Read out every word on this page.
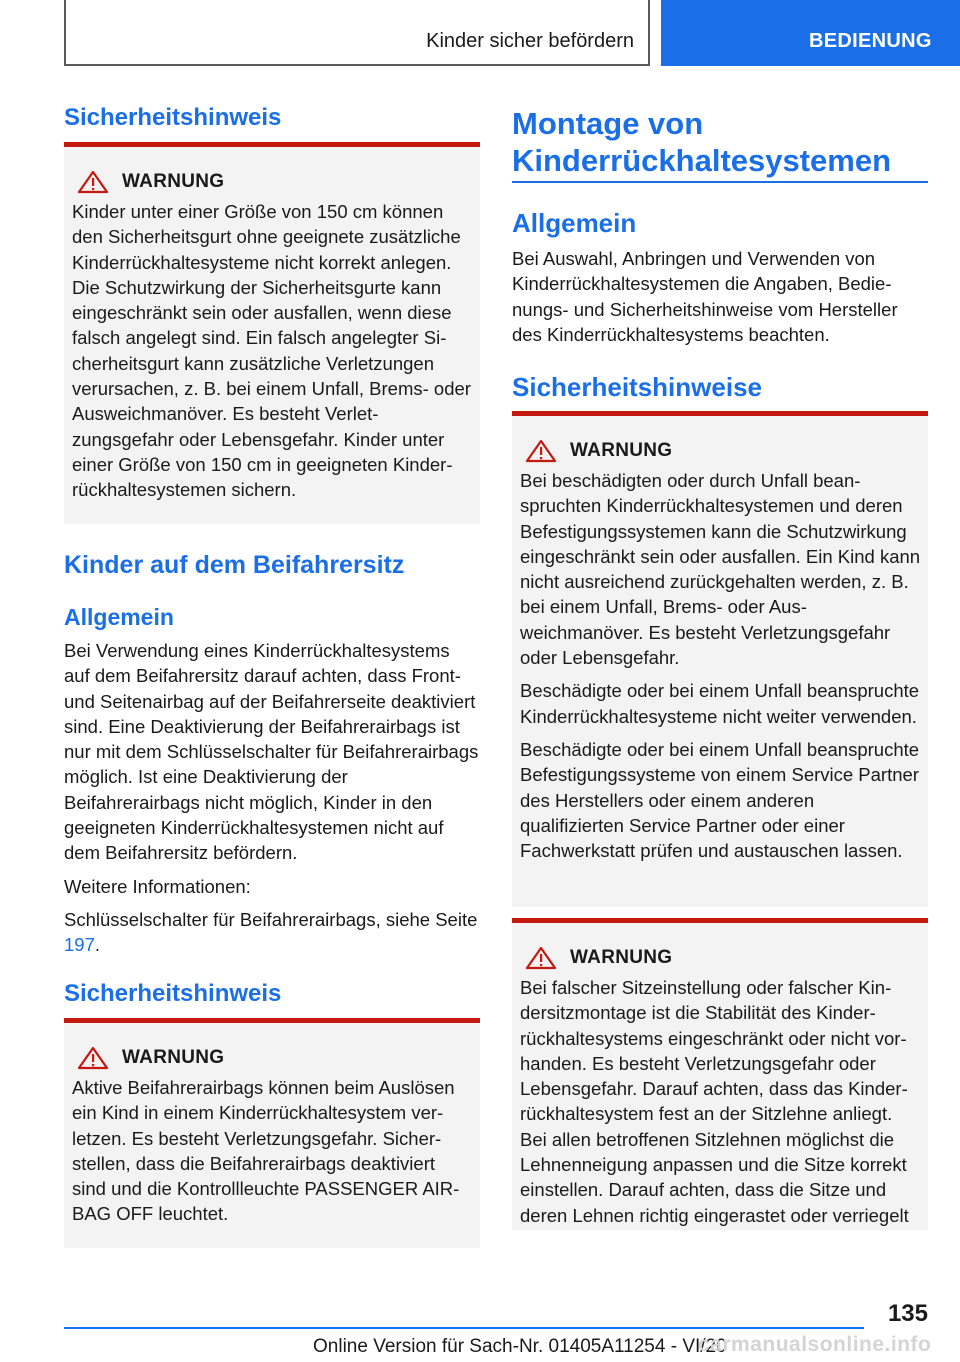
Kinder sicher befördern	BEDIENUNG
Sicherheitshinweis
WARNUNG

Kinder unter einer Größe von 150 cm können den Sicherheitsgurt ohne geeignete zusätzliche Kinderrückhaltesysteme nicht korrekt anlegen. Die Schutzwirkung der Sicherheitsgurte kann eingeschränkt sein oder ausfallen, wenn diese falsch angelegt sind. Ein falsch angelegter Sicherheitsgurt kann zusätzliche Verletzungen verursachen, z. B. bei einem Unfall, Brems- oder Ausweichmanöver. Es besteht Verletzungsgefahr oder Lebensgefahr. Kinder unter einer Größe von 150 cm in geeigneten Kinderrückhaltesystemen sichern.

Kinder auf dem Beifahrersitz
Allgemein

Bei Verwendung eines Kinderrückhaltesystems auf dem Beifahrersitz darauf achten, dass Front- und Seitenairbag auf der Beifahrerseite deaktiviert sind. Eine Deaktivierung der Beifahrerairbags ist nur mit dem Schlüsselschalter für Beifahrerairbags möglich. Ist eine Deaktivierung der Beifahrerairbags nicht möglich, Kinder in den geeigneten Kinderrückhaltesystemen nicht auf dem Beifahrersitz befördern.

Weitere Informationen:

Schlüsselschalter für Beifahrerairbags, siehe Seite 197.

Sicherheitshinweis
WARNUNG

Aktive Beifahrerairbags können beim Auslösen ein Kind in einem Kinderrückhaltesystem verletzen. Es besteht Verletzungsgefahr. Sicherstellen, dass die Beifahrerairbags deaktiviert sind und die Kontrollleuchte PASSENGER AIRBAG OFF leuchtet.

Montage von Kinderrückhaltesystemen
Allgemein

Bei Auswahl, Anbringen und Verwenden von Kinderrückhaltesystemen die Angaben, Bedienungs- und Sicherheitshinweise vom Hersteller des Kinderrückhaltesystems beachten.

Sicherheitshinweise
WARNUNG

Bei beschädigten oder durch Unfall beanspruchten Kinderrückhaltesystemen und deren Befestigungssystemen kann die Schutzwirkung eingeschränkt sein oder ausfallen. Ein Kind kann nicht ausreichend zurückgehalten werden, z. B. bei einem Unfall, Brems- oder Ausweichmanöver. Es besteht Verletzungsgefahr oder Lebensgefahr.

Beschädigte oder bei einem Unfall beanspruchte Kinderrückhaltesysteme nicht weiter verwenden.

Beschädigte oder bei einem Unfall beanspruchte Befestigungssysteme von einem Service Partner des Herstellers oder einem anderen qualifizierten Service Partner oder einer Fachwerkstatt prüfen und austauschen lassen.

WARNUNG

Bei falscher Sitzeinstellung oder falscher Kindersitzmontage ist die Stabilität des Kinderrückhaltesystems eingeschränkt oder nicht vorhanden. Es besteht Verletzungsgefahr oder Lebensgefahr. Darauf achten, dass das Kinderrückhaltesystem fest an der Sitzlehne anliegt. Bei allen betroffenen Sitzlehnen möglichst die Lehnenneigung anpassen und die Sitze korrekt einstellen. Darauf achten, dass die Sitze und deren Lehnen richtig eingerastet oder verriegelt

135
Online Version für Sach-Nr. 01405A11254 - VI/20
carmanualsonline.info
